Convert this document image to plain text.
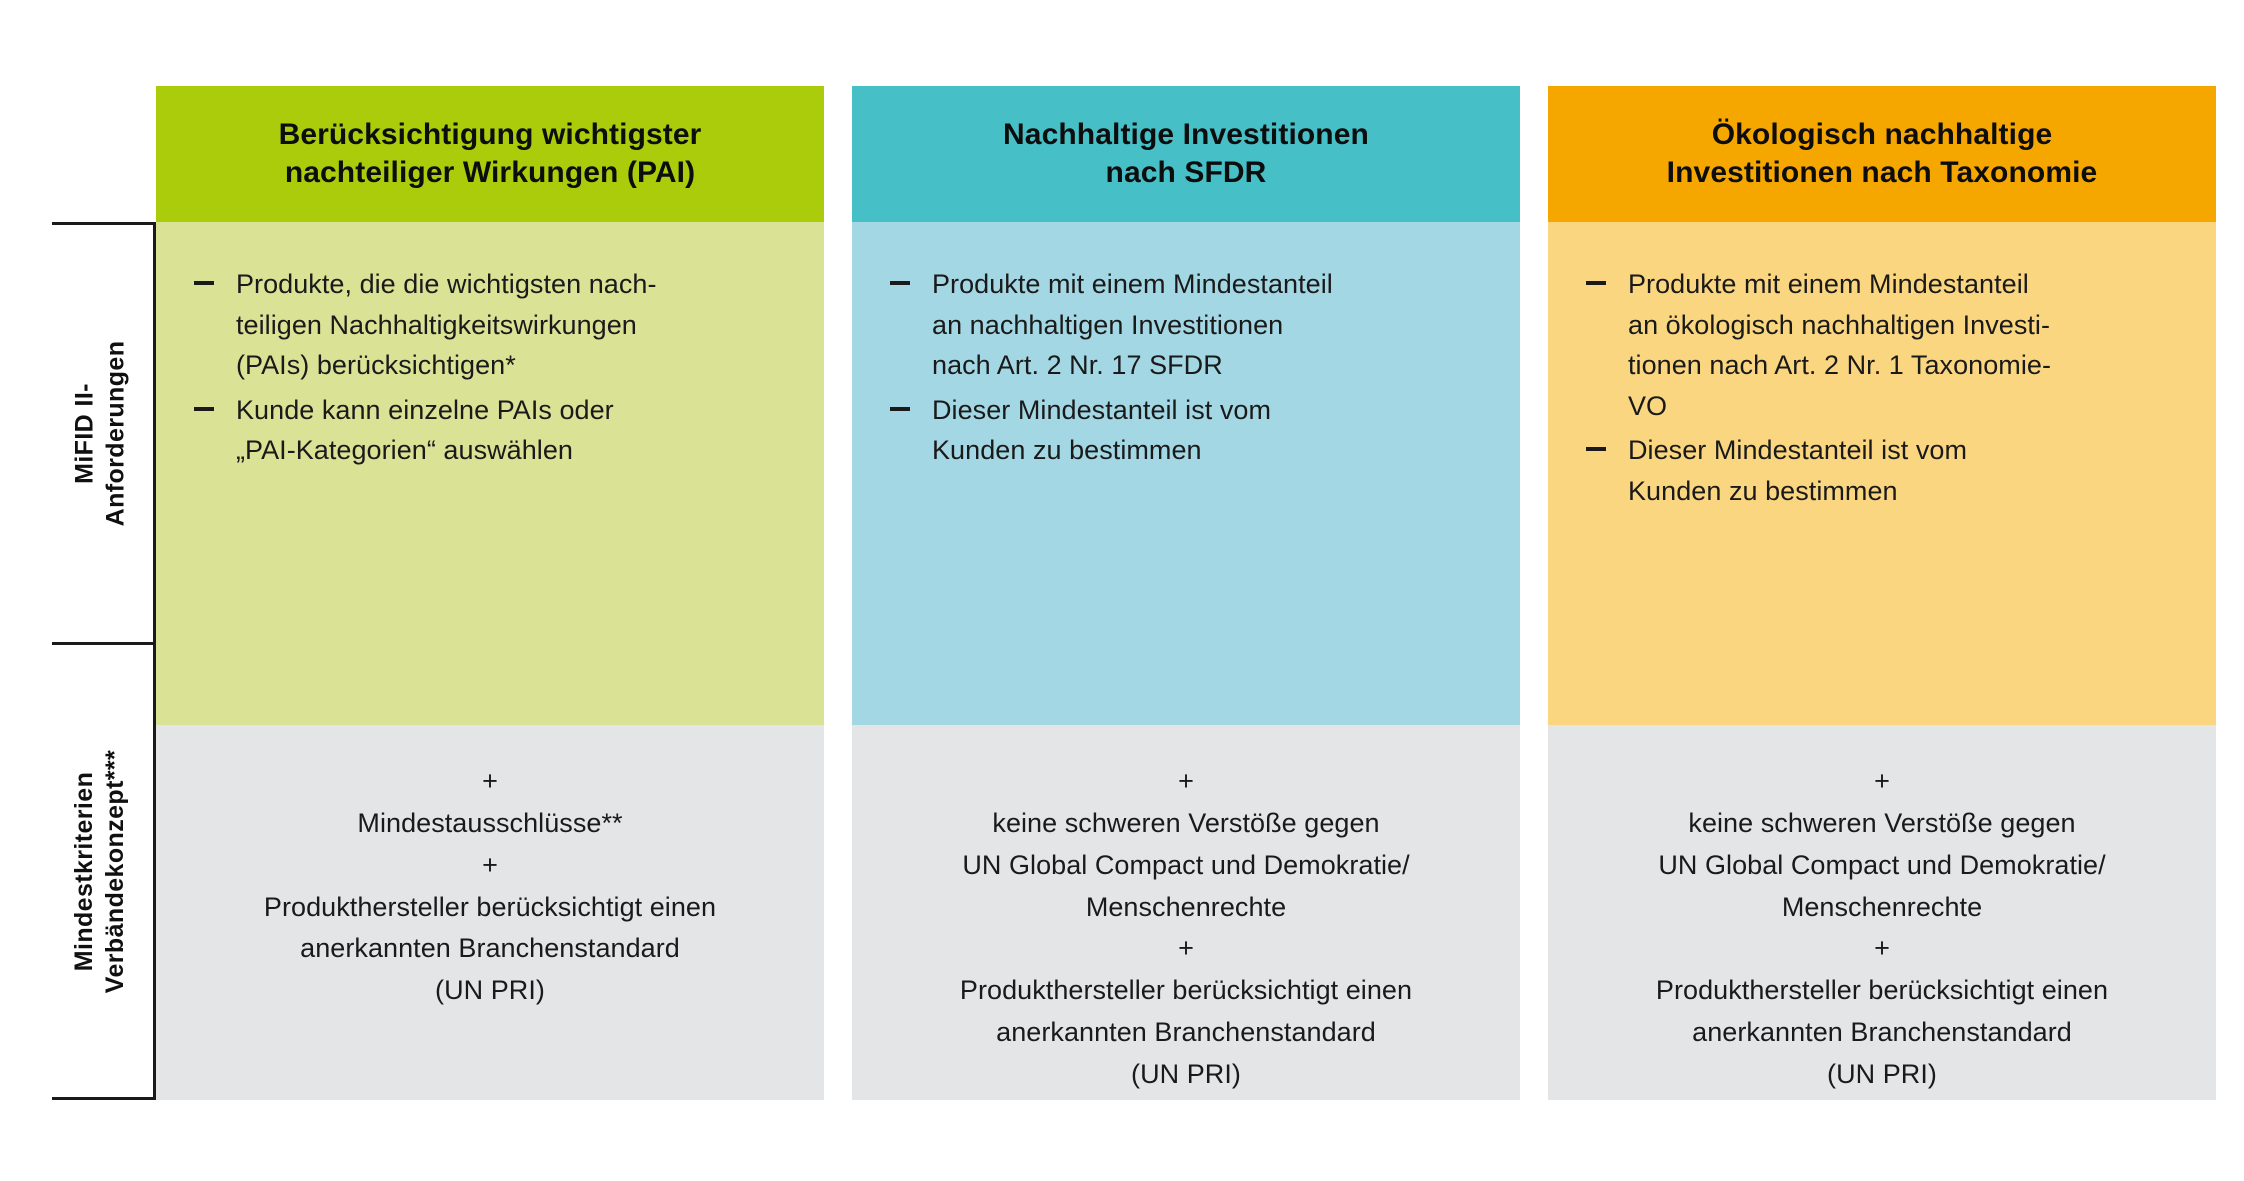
MiFID II- Anforderungen
Mindestkriterien Verbändekonzept***
Berücksichtigung wichtigster
nachteiliger Wirkungen (PAI)
Produkte, die die wichtigsten nach-
teiligen Nachhaltigkeitswirkungen
(PAIs) berücksichtigen*
Kunde kann einzelne PAIs oder
„PAI-Kategorien“ auswählen
+
Mindestausschlüsse**
+
Produkthersteller berücksichtigt einen
anerkannten Branchenstandard
(UN PRI)
Nachhaltige Investitionen
nach SFDR
Produkte mit einem Mindestanteil
an nachhaltigen Investitionen
nach Art. 2 Nr. 17 SFDR
Dieser Mindestanteil ist vom
Kunden zu bestimmen
+
keine schweren Verstöße gegen
UN Global Compact und Demokratie/
Menschenrechte
+
Produkthersteller berücksichtigt einen
anerkannten Branchenstandard
(UN PRI)
Ökologisch nachhaltige
Investitionen nach Taxonomie
Produkte mit einem Mindestanteil
an ökologisch nachhaltigen Investi-
tionen nach Art. 2 Nr. 1 Taxonomie-
VO
Dieser Mindestanteil ist vom
Kunden zu bestimmen
+
keine schweren Verstöße gegen
UN Global Compact und Demokratie/
Menschenrechte
+
Produkthersteller berücksichtigt einen
anerkannten Branchenstandard
(UN PRI)
